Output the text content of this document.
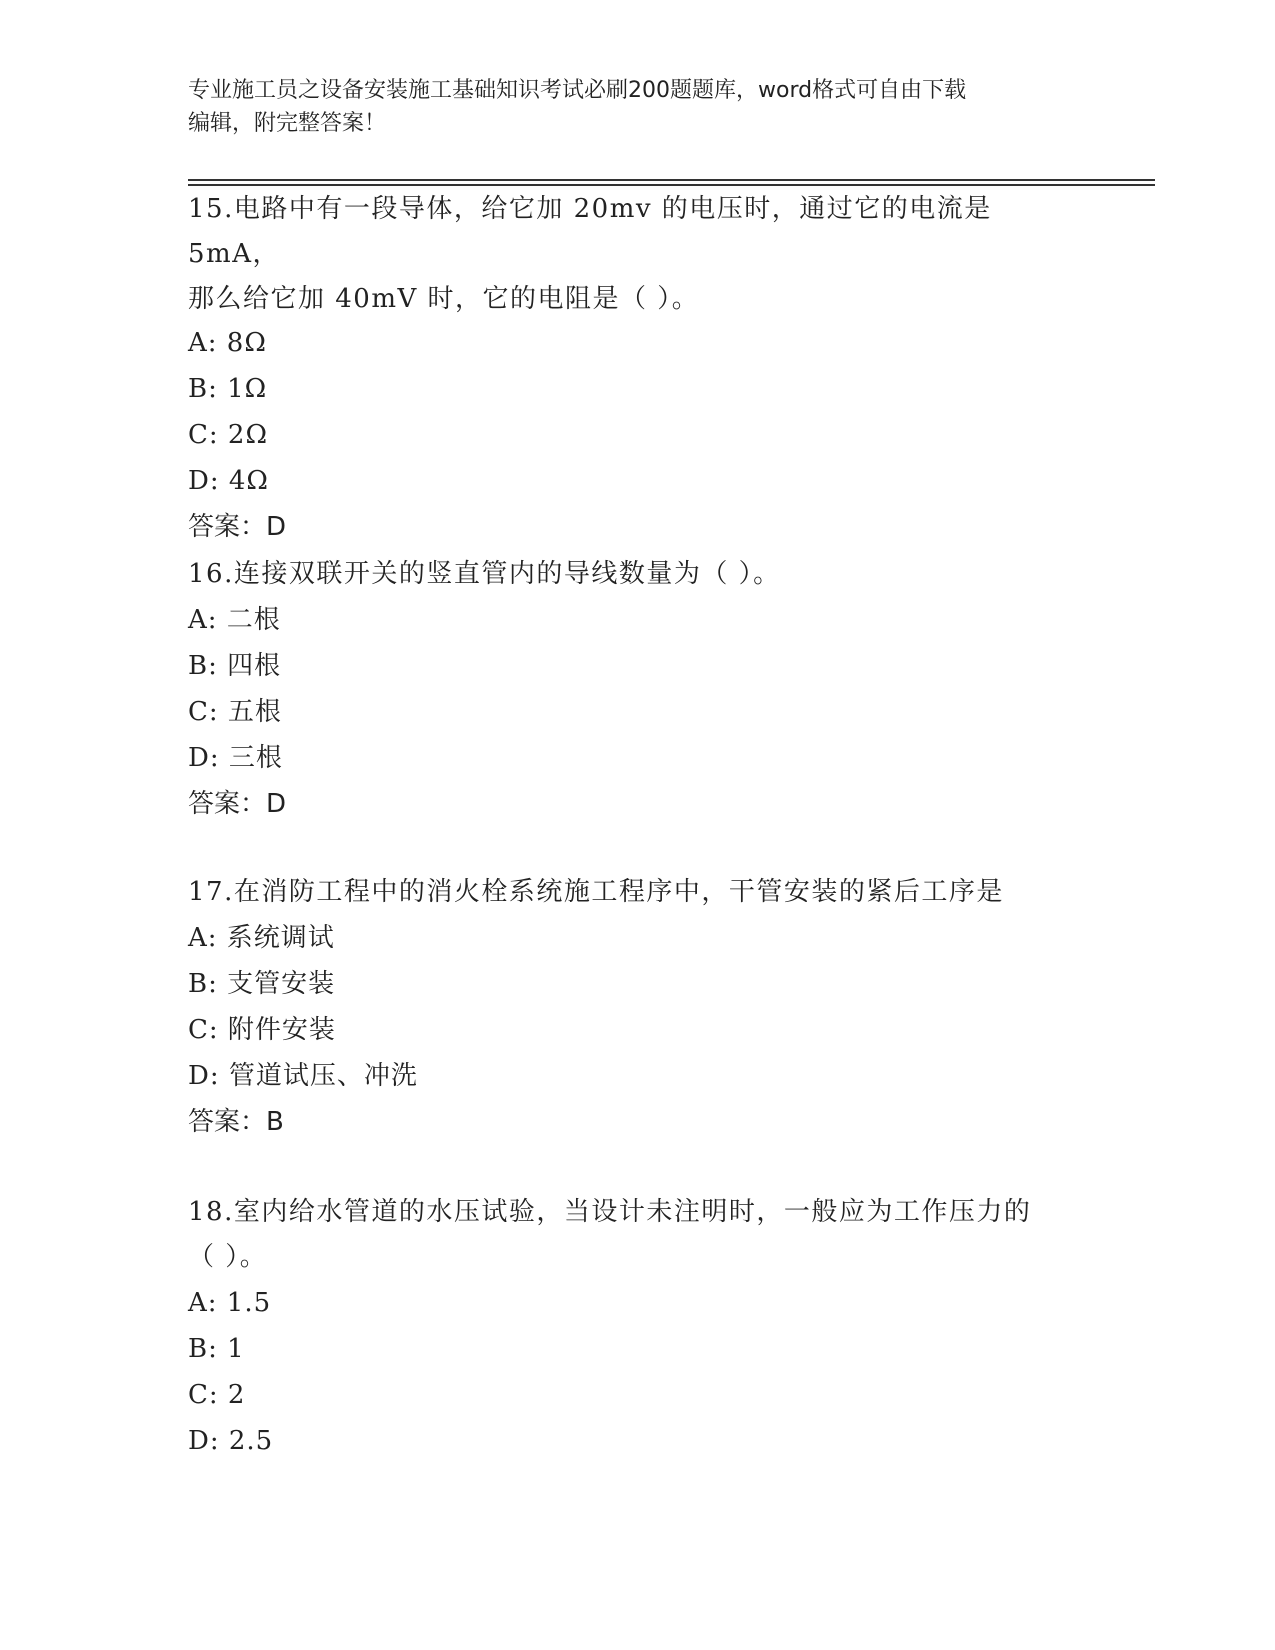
专业施工员之设备安装施工基础知识考试必刷200题题库，word格式可自由下载
编辑，附完整答案！
15.电路中有一段导体，给它加 20mv 的电压时，通过它的电流是 5mA，
那么给它加 40mV 时，它的电阻是（ ）。
A: 8Ω
B: 1Ω
C: 2Ω
D: 4Ω
答案：D
16.连接双联开关的竖直管内的导线数量为（ ）。
A: 二根
B: 四根
C: 五根
D: 三根
答案：D
17.在消防工程中的消火栓系统施工程序中，干管安装的紧后工序是
A: 系统调试
B: 支管安装
C: 附件安装
D: 管道试压、冲洗
答案：B
18.室内给水管道的水压试验，当设计未注明时，一般应为工作压力的
（ ）。
A: 1.5
B: 1
C: 2
D: 2.5
